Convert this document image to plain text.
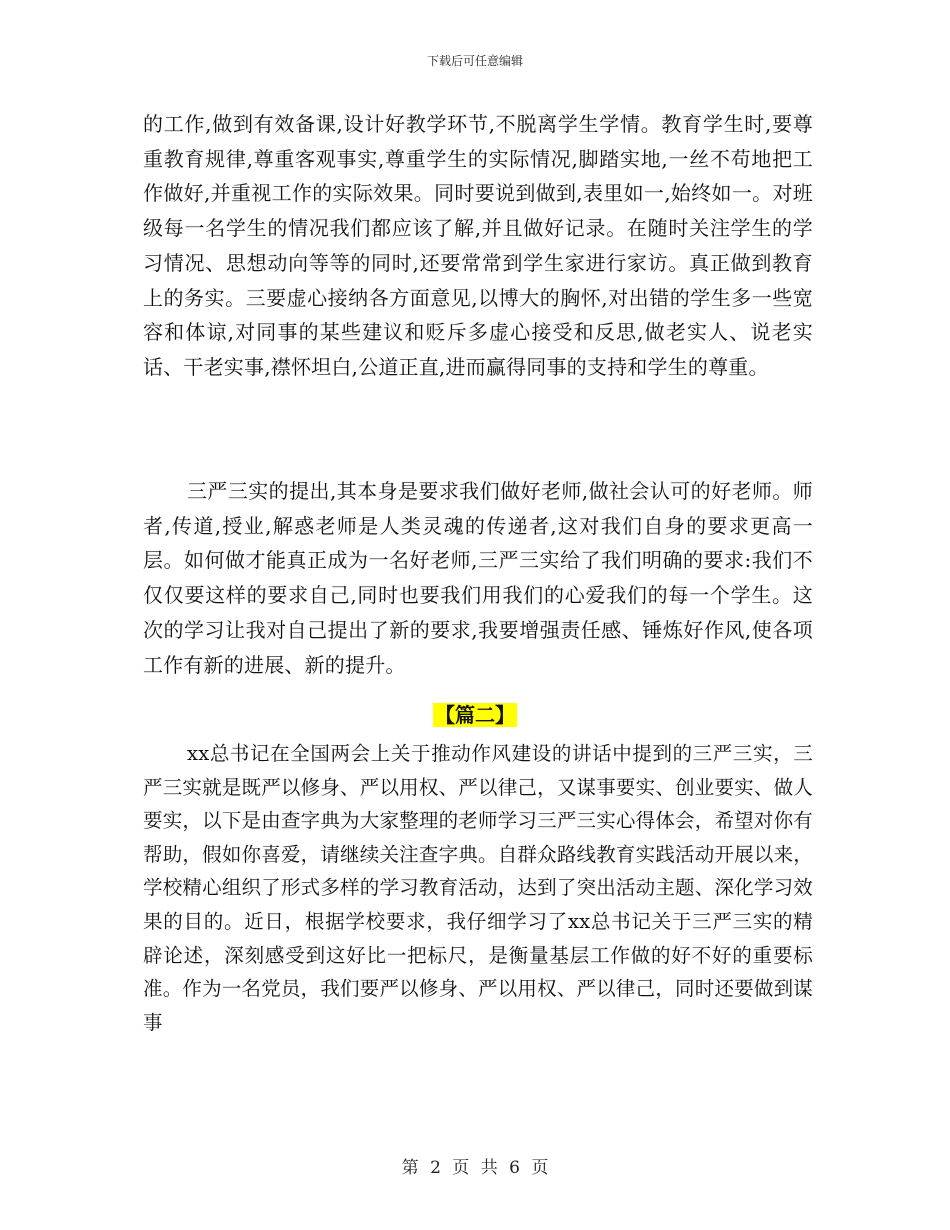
下载后可任意编辑

的工作,做到有效备课,设计好教学环节,不脱离学生学情。教育学生时,要尊重教育规律,尊重客观事实,尊重学生的实际情况,脚踏实地,一丝不苟地把工作做好,并重视工作的实际效果。同时要说到做到,表里如一,始终如一。对班级每一名学生的情况我们都应该了解,并且做好记录。在随时关注学生的学习情况、思想动向等等的同时,还要常常到学生家进行家访。真正做到教育上的务实。三要虚心接纳各方面意见,以博大的胸怀,对出错的学生多一些宽容和体谅,对同事的某些建议和贬斥多虚心接受和反思,做老实人、说老实话、干老实事,襟怀坦白,公道正直,进而赢得同事的支持和学生的尊重。

三严三实的提出,其本身是要求我们做好老师,做社会认可的好老师。师者,传道,授业,解惑老师是人类灵魂的传递者,这对我们自身的要求更高一层。如何做才能真正成为一名好老师,三严三实给了我们明确的要求:我们不仅仅要这样的要求自己,同时也要我们用我们的心爱我们的每一个学生。这次的学习让我对自己提出了新的要求,我要增强责任感、锤炼好作风,使各项工作有新的进展、新的提升。

【篇二】

xx总书记在全国两会上关于推动作风建设的讲话中提到的三严三实，三严三实就是既严以修身、严以用权、严以律己，又谋事要实、创业要实、做人要实，以下是由查字典为大家整理的老师学习三严三实心得体会，希望对你有帮助，假如你喜爱，请继续关注查字典。自群众路线教育实践活动开展以来，学校精心组织了形式多样的学习教育活动，达到了突出活动主题、深化学习效果的目的。近日，根据学校要求，我仔细学习了xx总书记关于三严三实的精辟论述，深刻感受到这好比一把标尺，是衡量基层工作做的好不好的重要标准。作为一名党员，我们要严以修身、严以用权、严以律己，同时还要做到谋事

第 2 页 共 6 页
